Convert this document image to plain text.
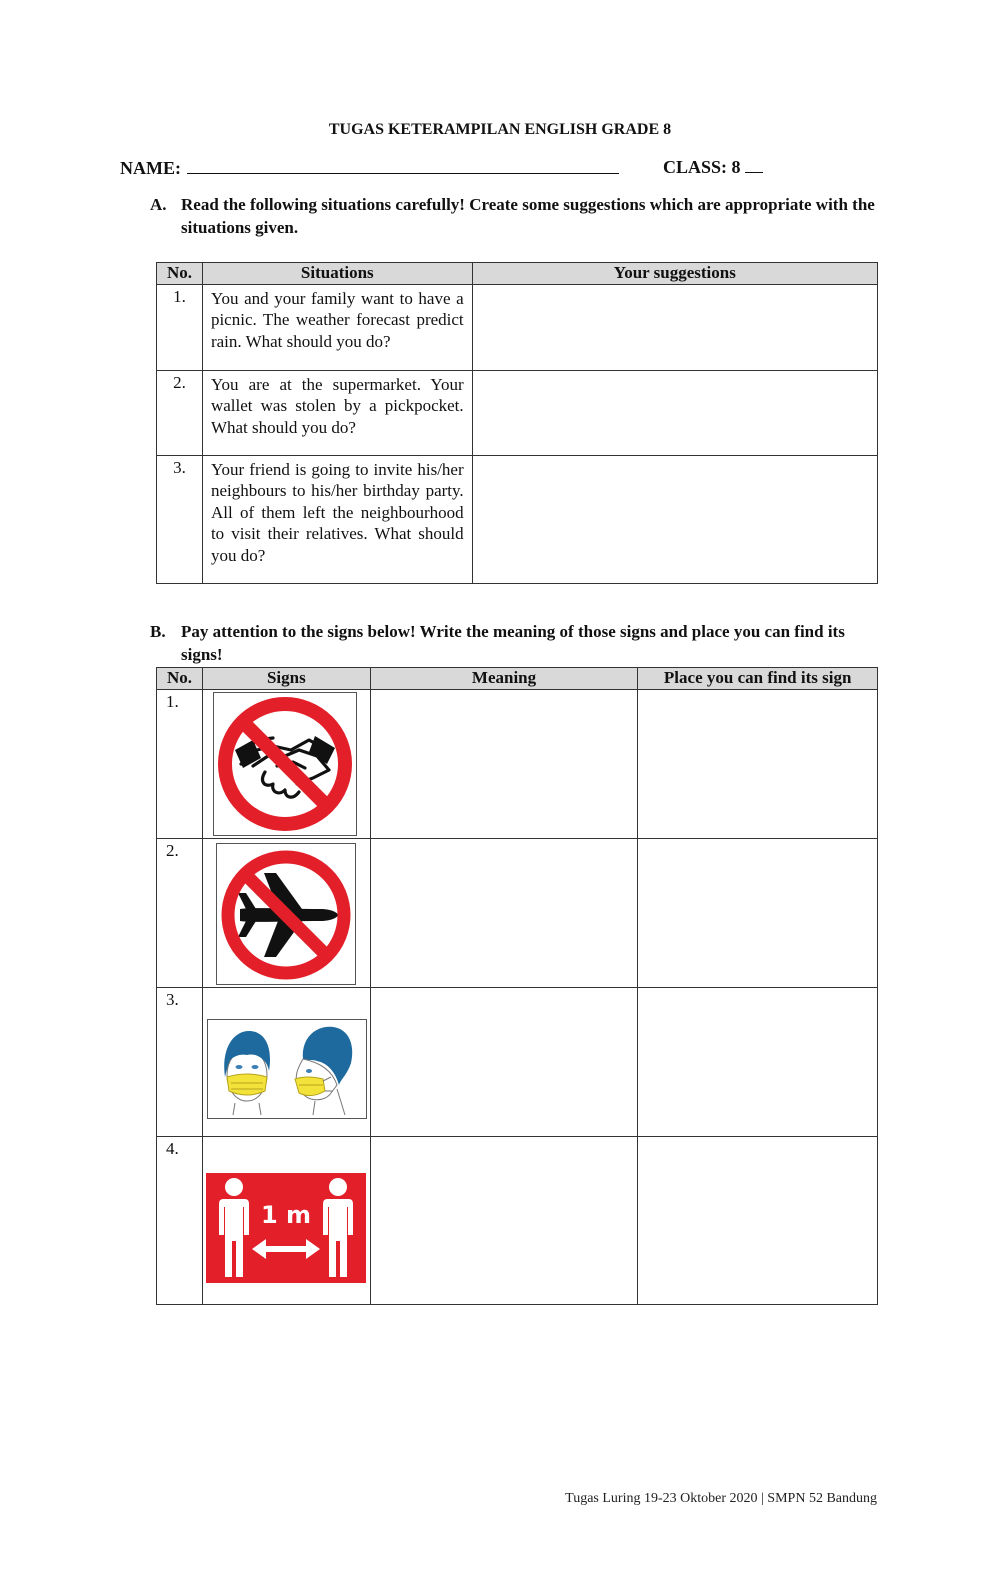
TUGAS KETERAMPILAN ENGLISH GRADE 8
NAME:	CLASS: 8
A. Read the following situations carefully! Create some suggestions which are appropriate with the situations given.
No.	Situations	Your suggestions
1.	You and your family want to have a picnic. The weather forecast predict rain. What should you do?	
2.	You are at the supermarket. Your wallet was stolen by a pickpocket. What should you do?	
3.	Your friend is going to invite his/her neighbours to his/her birthday party. All of them left the neighbourhood to visit their relatives. What should you do?	
B. Pay attention to the signs below! Write the meaning of those signs and place you can find its signs!
No.	Signs	Meaning	Place you can find its sign
1.	

2.	

3.	

4.	1 m		

Tugas Luring 19-23 Oktober 2020 | SMPN 52 Bandung
